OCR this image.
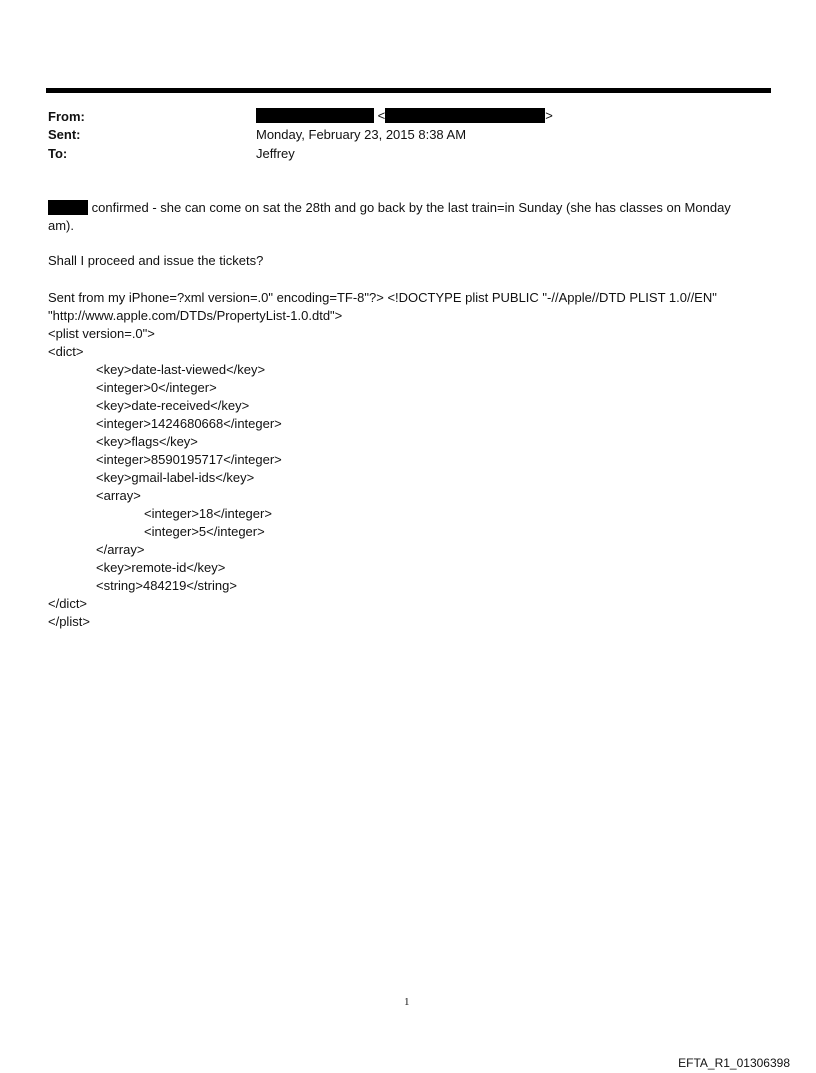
From:	<	>
Sent:	Monday, February 23, 2015 8:38 AM
To:	Jeffrey
confirmed - she can come on sat the 28th and go back by the last train=in Sunday (she has classes on Monday
am).
Shall I proceed and issue the tickets?
Sent from my iPhone=?xml version=.0" encoding=TF-8"?> <!DOCTYPE plist PUBLIC "-//Apple//DTD PLIST 1.0//EN"
"http://www.apple.com/DTDs/PropertyList-1.0.dtd">
<plist version=.0">
<dict>
<key>date-last-viewed</key>
<integer>0</integer>
<key>date-received</key>
<integer>1424680668</integer>
<key>flags</key>
<integer>8590195717</integer>
<key>gmail-label-ids</key>
<array>
<integer>18</integer>
<integer>5</integer>
</array>
<key>remote-id</key>
<string>484219</string>
</dict>
</plist>
1
EFTA_R1_01306398
